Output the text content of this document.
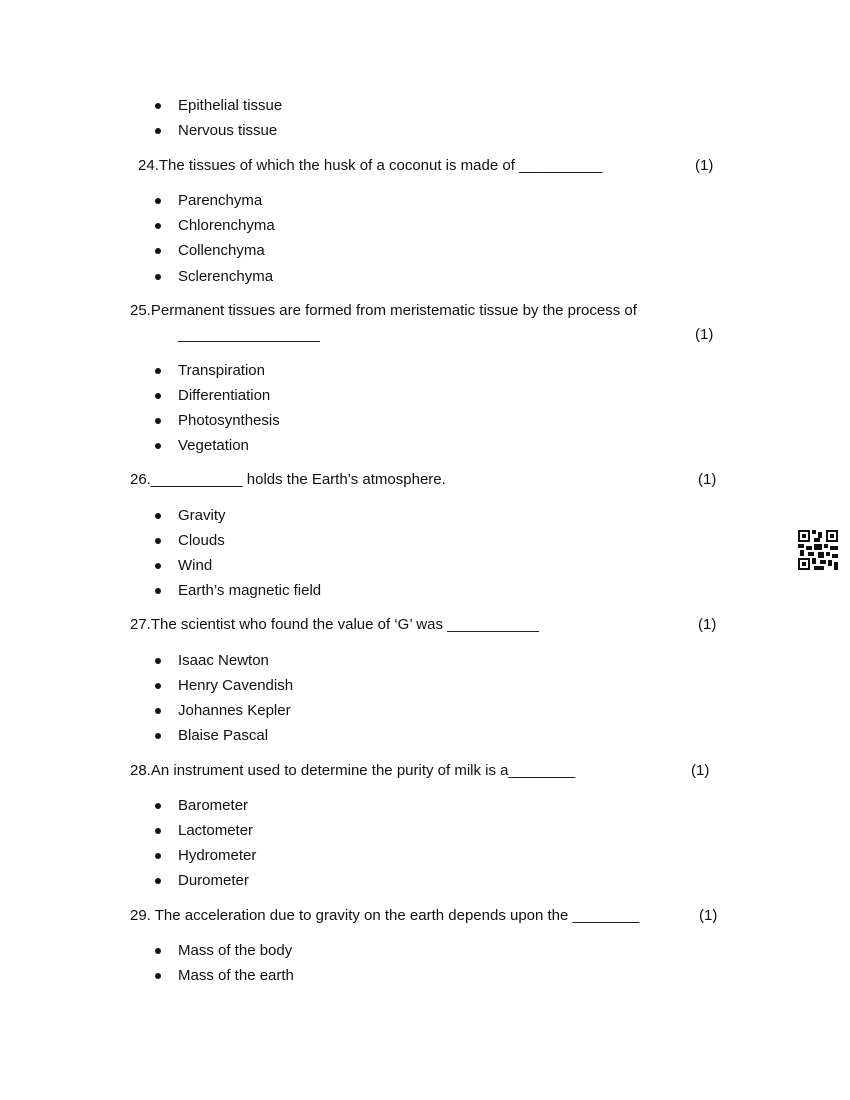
Epithelial tissue
Nervous tissue
24.The tissues of which the husk of a coconut is made of __________	(1)
Parenchyma
Chlorenchyma
Collenchyma
Sclerenchyma
25.Permanent tissues are formed from meristematic tissue by the process of
_________________	(1)
Transpiration
Differentiation
Photosynthesis
Vegetation
26.___________ holds the Earth’s atmosphere.	(1)
Gravity
Clouds
Wind
Earth’s magnetic field
27.The scientist who found the value of ‘G’ was ___________	(1)
Isaac Newton
Henry Cavendish
Johannes Kepler
Blaise Pascal
28.An instrument used to determine the purity of milk is a________	(1)
Barometer
Lactometer
Hydrometer
Durometer
29. The acceleration due to gravity on the earth depends upon the ________	(1)
Mass of the body
Mass of the earth
